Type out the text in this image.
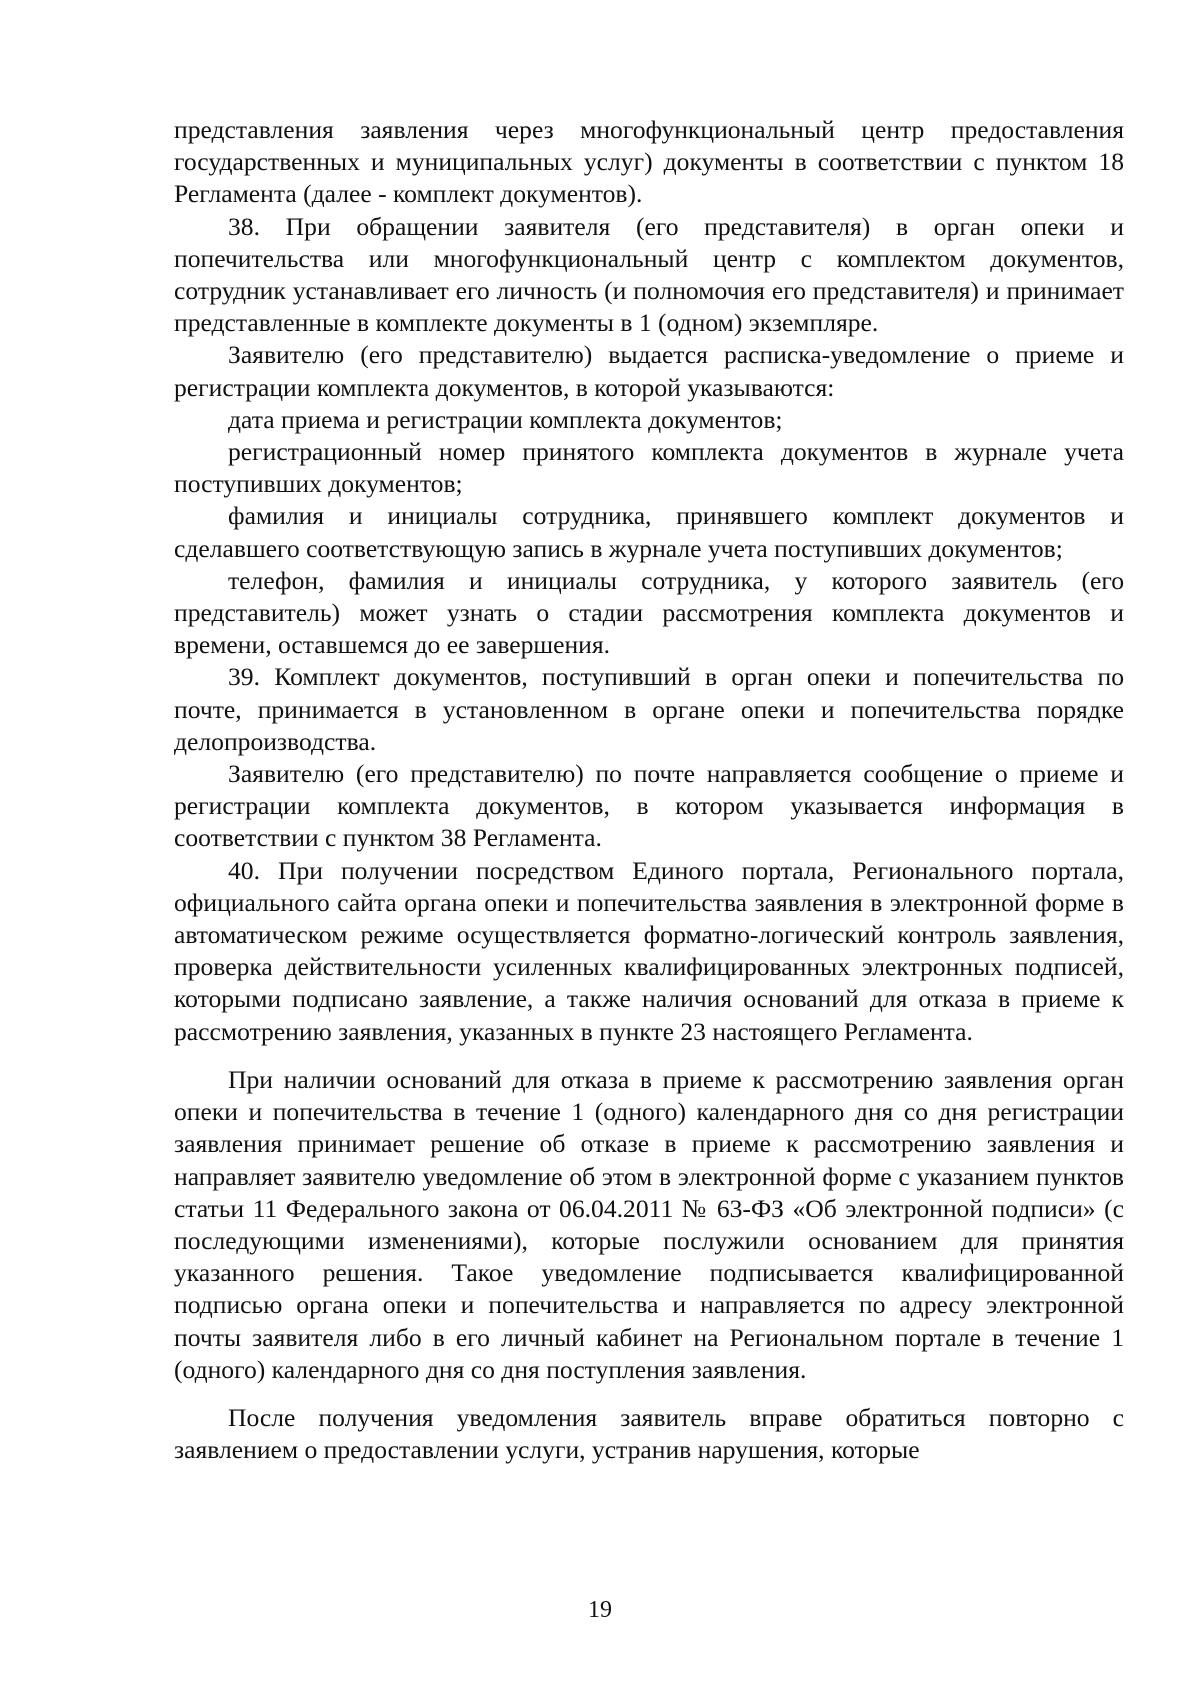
представления заявления через многофункциональный центр предоставления государственных и муниципальных услуг) документы в соответствии с пунктом 18 Регламента (далее - комплект документов).

38. При обращении заявителя (его представителя) в орган опеки и попечительства или многофункциональный центр с комплектом документов, сотрудник устанавливает его личность (и полномочия его представителя) и принимает представленные в комплекте документы в 1 (одном) экземпляре.

Заявителю (его представителю) выдается расписка-уведомление о приеме и регистрации комплекта документов, в которой указываются:

дата приема и регистрации комплекта документов;

регистрационный номер принятого комплекта документов в журнале учета поступивших документов;

фамилия и инициалы сотрудника, принявшего комплект документов и сделавшего соответствующую запись в журнале учета поступивших документов;

телефон, фамилия и инициалы сотрудника, у которого заявитель (его представитель) может узнать о стадии рассмотрения комплекта документов и времени, оставшемся до ее завершения.

39. Комплект документов, поступивший в орган опеки и попечительства по почте, принимается в установленном в органе опеки и попечительства порядке делопроизводства.

Заявителю (его представителю) по почте направляется сообщение о приеме и регистрации комплекта документов, в котором указывается информация в соответствии с пунктом 38 Регламента.

40. При получении посредством Единого портала, Регионального портала, официального сайта органа опеки и попечительства заявления в электронной форме в автоматическом режиме осуществляется форматно-логический контроль заявления, проверка действительности усиленных квалифицированных электронных подписей, которыми подписано заявление, а также наличия оснований для отказа в приеме к рассмотрению заявления, указанных в пункте 23 настоящего Регламента.

При наличии оснований для отказа в приеме к рассмотрению заявления орган опеки и попечительства в течение 1 (одного) календарного дня со дня регистрации заявления принимает решение об отказе в приеме к рассмотрению заявления и направляет заявителю уведомление об этом в электронной форме с указанием пунктов статьи 11 Федерального закона от 06.04.2011 № 63-ФЗ «Об электронной подписи» (с последующими изменениями), которые послужили основанием для принятия указанного решения. Такое уведомление подписывается квалифицированной подписью органа опеки и попечительства и направляется по адресу электронной почты заявителя либо в его личный кабинет на Региональном портале в течение 1 (одного) календарного дня со дня поступления заявления.

После получения уведомления заявитель вправе обратиться повторно с заявлением о предоставлении услуги, устранив нарушения, которые

19
